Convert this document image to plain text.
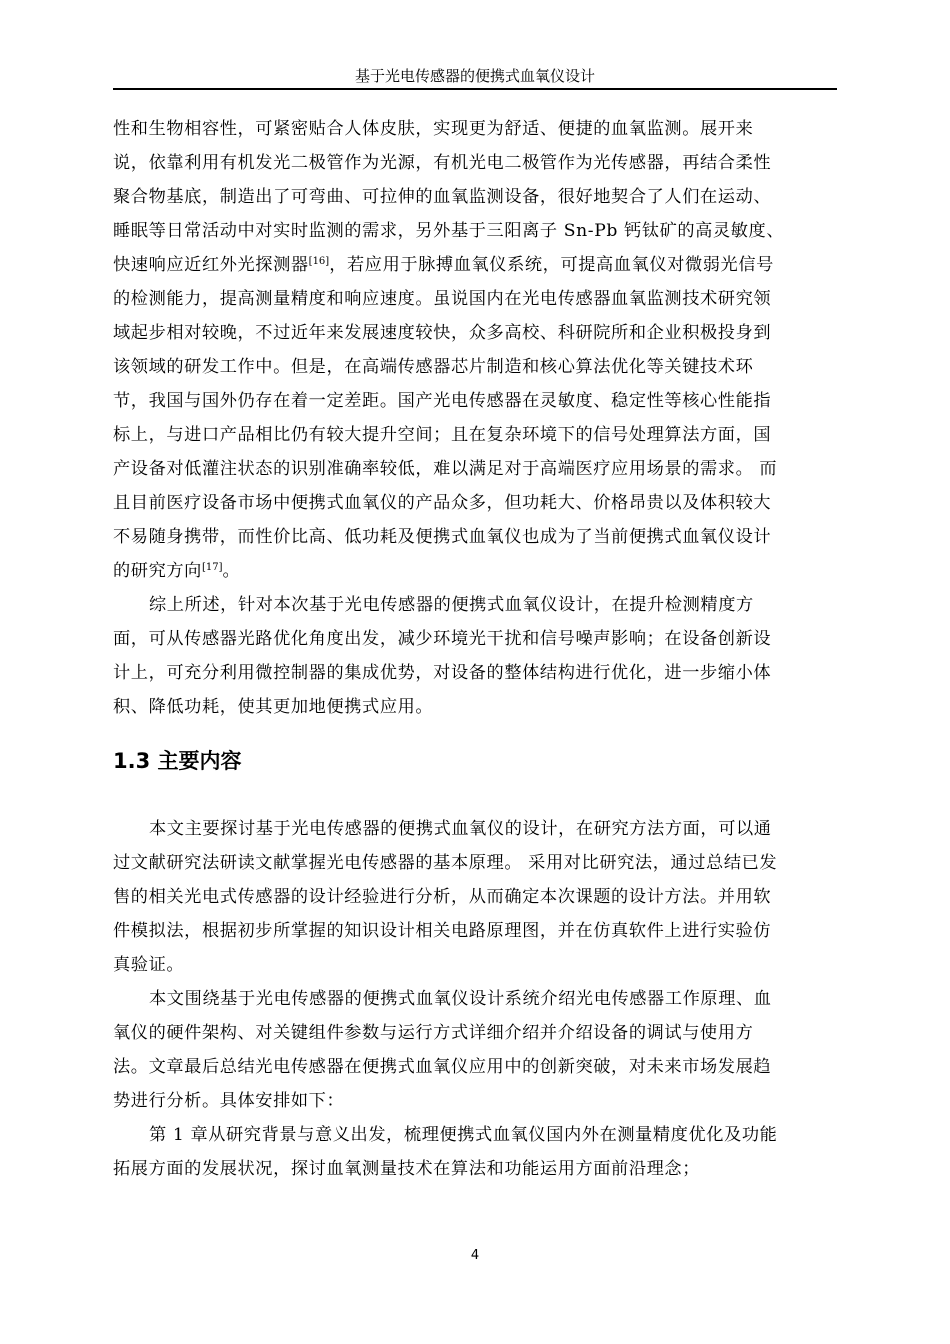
基于光电传感器的便携式血氧仪设计

性和生物相容性，可紧密贴合人体皮肤，实现更为舒适、便捷的血氧监测。展开来
说，依靠利用有机发光二极管作为光源，有机光电二极管作为光传感器，再结合柔性
聚合物基底，制造出了可弯曲、可拉伸的血氧监测设备，很好地契合了人们在运动、
睡眠等日常活动中对实时监测的需求，另外基于三阳离子 Sn-Pb 钙钛矿的高灵敏度、
快速响应近红外光探测器[16]，若应用于脉搏血氧仪系统，可提高血氧仪对微弱光信号
的检测能力，提高测量精度和响应速度。虽说国内在光电传感器血氧监测技术研究领
域起步相对较晚，不过近年来发展速度较快，众多高校、科研院所和企业积极投身到
该领域的研发工作中。但是，在高端传感器芯片制造和核心算法优化等关键技术环
节，我国与国外仍存在着一定差距。国产光电传感器在灵敏度、稳定性等核心性能指
标上，与进口产品相比仍有较大提升空间；且在复杂环境下的信号处理算法方面，国
产设备对低灌注状态的识别准确率较低，难以满足对于高端医疗应用场景的需求。 而
且目前医疗设备市场中便携式血氧仪的产品众多，但功耗大、价格昂贵以及体积较大
不易随身携带，而性价比高、低功耗及便携式血氧仪也成为了当前便携式血氧仪设计
的研究方向[17]。

综上所述，针对本次基于光电传感器的便携式血氧仪设计，在提升检测精度方
面，可从传感器光路优化角度出发，减少环境光干扰和信号噪声影响；在设备创新设
计上，可充分利用微控制器的集成优势，对设备的整体结构进行优化，进一步缩小体
积、降低功耗，使其更加地便携式应用。

1.3 主要内容

本文主要探讨基于光电传感器的便携式血氧仪的设计，在研究方法方面，可以通
过文献研究法研读文献掌握光电传感器的基本原理。 采用对比研究法，通过总结已发
售的相关光电式传感器的设计经验进行分析，从而确定本次课题的设计方法。并用软
件模拟法，根据初步所掌握的知识设计相关电路原理图，并在仿真软件上进行实验仿
真验证。

本文围绕基于光电传感器的便携式血氧仪设计系统介绍光电传感器工作原理、血
氧仪的硬件架构、对关键组件参数与运行方式详细介绍并介绍设备的调试与使用方
法。文章最后总结光电传感器在便携式血氧仪应用中的创新突破，对未来市场发展趋
势进行分析。具体安排如下：

第 1 章从研究背景与意义出发，梳理便携式血氧仪国内外在测量精度优化及功能
拓展方面的发展状况，探讨血氧测量技术在算法和功能运用方面前沿理念；

4
